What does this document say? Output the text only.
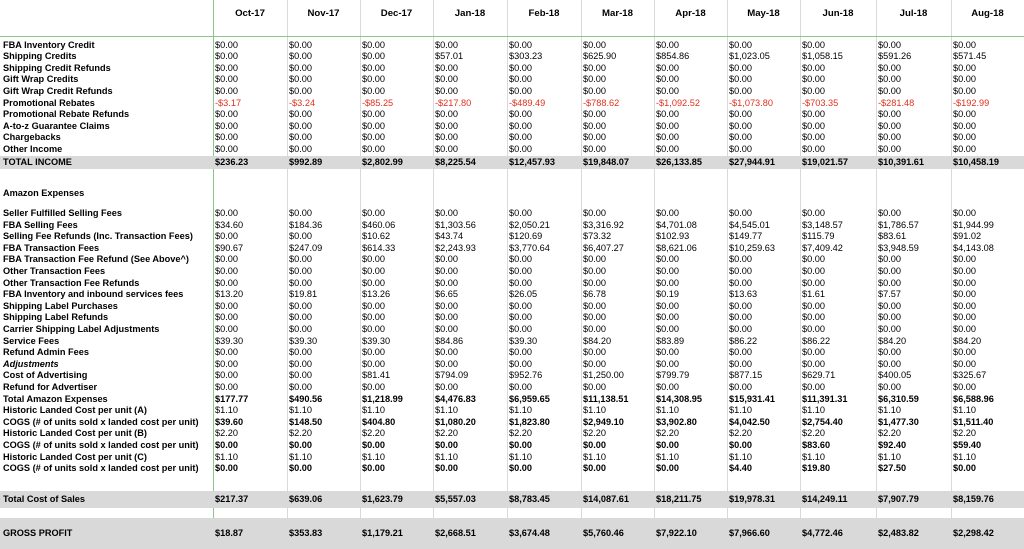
Oct-17	Nov-17	Dec-17	Jan-18	Feb-18	Mar-18	Apr-18	May-18	Jun-18	Jul-18	Aug-18
FBA Inventory Credit	$0.00	$0.00	$0.00	$0.00	$0.00	$0.00	$0.00	$0.00	$0.00	$0.00	$0.00
Shipping Credits	$0.00	$0.00	$0.00	$57.01	$303.23	$625.90	$854.86	$1,023.05	$1,058.15	$591.26	$571.45
Shipping Credit Refunds	$0.00	$0.00	$0.00	$0.00	$0.00	$0.00	$0.00	$0.00	$0.00	$0.00	$0.00
Gift Wrap Credits	$0.00	$0.00	$0.00	$0.00	$0.00	$0.00	$0.00	$0.00	$0.00	$0.00	$0.00
Gift Wrap Credit Refunds	$0.00	$0.00	$0.00	$0.00	$0.00	$0.00	$0.00	$0.00	$0.00	$0.00	$0.00
Promotional Rebates	-$3.17	-$3.24	-$85.25	-$217.80	-$489.49	-$788.62	-$1,092.52	-$1,073.80	-$703.35	-$281.48	-$192.99
Promotional Rebate Refunds	$0.00	$0.00	$0.00	$0.00	$0.00	$0.00	$0.00	$0.00	$0.00	$0.00	$0.00
A-to-z Guarantee Claims	$0.00	$0.00	$0.00	$0.00	$0.00	$0.00	$0.00	$0.00	$0.00	$0.00	$0.00
Chargebacks	$0.00	$0.00	$0.00	$0.00	$0.00	$0.00	$0.00	$0.00	$0.00	$0.00	$0.00
Other Income	$0.00	$0.00	$0.00	$0.00	$0.00	$0.00	$0.00	$0.00	$0.00	$0.00	$0.00
TOTAL INCOME	$236.23	$992.89	$2,802.99	$8,225.54	$12,457.93	$19,848.07	$26,133.85	$27,944.91	$19,021.57	$10,391.61	$10,458.19
Amazon Expenses
Seller Fulfilled Selling Fees	$0.00	$0.00	$0.00	$0.00	$0.00	$0.00	$0.00	$0.00	$0.00	$0.00	$0.00
FBA Selling Fees	$34.60	$184.36	$460.06	$1,303.56	$2,050.21	$3,316.92	$4,701.08	$4,545.01	$3,148.57	$1,786.57	$1,944.99
Selling Fee Refunds (Inc. Transaction Fees)	$0.00	$0.00	$10.62	$43.74	$120.69	$73.32	$102.93	$149.77	$115.79	$83.61	$91.02
FBA Transaction Fees	$90.67	$247.09	$614.33	$2,243.93	$3,770.64	$6,407.27	$8,621.06	$10,259.63	$7,409.42	$3,948.59	$4,143.08
FBA Transaction Fee Refund (See Above^)	$0.00	$0.00	$0.00	$0.00	$0.00	$0.00	$0.00	$0.00	$0.00	$0.00	$0.00
Other Transaction Fees	$0.00	$0.00	$0.00	$0.00	$0.00	$0.00	$0.00	$0.00	$0.00	$0.00	$0.00
Other Transaction Fee Refunds	$0.00	$0.00	$0.00	$0.00	$0.00	$0.00	$0.00	$0.00	$0.00	$0.00	$0.00
FBA Inventory and inbound services fees	$13.20	$19.81	$13.26	$6.65	$26.05	$6.78	$0.19	$13.63	$1.61	$7.57	$0.00
Shipping Label Purchases	$0.00	$0.00	$0.00	$0.00	$0.00	$0.00	$0.00	$0.00	$0.00	$0.00	$0.00
Shipping Label Refunds	$0.00	$0.00	$0.00	$0.00	$0.00	$0.00	$0.00	$0.00	$0.00	$0.00	$0.00
Carrier Shipping Label Adjustments	$0.00	$0.00	$0.00	$0.00	$0.00	$0.00	$0.00	$0.00	$0.00	$0.00	$0.00
Service Fees	$39.30	$39.30	$39.30	$84.86	$39.30	$84.20	$83.89	$86.22	$86.22	$84.20	$84.20
Refund Admin Fees	$0.00	$0.00	$0.00	$0.00	$0.00	$0.00	$0.00	$0.00	$0.00	$0.00	$0.00
Adjustments	$0.00	$0.00	$0.00	$0.00	$0.00	$0.00	$0.00	$0.00	$0.00	$0.00	$0.00
Cost of Advertising	$0.00	$0.00	$81.41	$794.09	$952.76	$1,250.00	$799.79	$877.15	$629.71	$400.05	$325.67
Refund for Advertiser	$0.00	$0.00	$0.00	$0.00	$0.00	$0.00	$0.00	$0.00	$0.00	$0.00	$0.00
Total Amazon Expenses	$177.77	$490.56	$1,218.99	$4,476.83	$6,959.65	$11,138.51	$14,308.95	$15,931.41	$11,391.31	$6,310.59	$6,588.96
Historic Landed Cost per unit (A)	$1.10	$1.10	$1.10	$1.10	$1.10	$1.10	$1.10	$1.10	$1.10	$1.10	$1.10
COGS (# of units sold x landed cost per unit)	$39.60	$148.50	$404.80	$1,080.20	$1,823.80	$2,949.10	$3,902.80	$4,042.50	$2,754.40	$1,477.30	$1,511.40
Historic Landed Cost per unit (B)	$2.20	$2.20	$2.20	$2.20	$2.20	$2.20	$2.20	$2.20	$2.20	$2.20	$2.20
COGS (# of units sold x landed cost per unit)	$0.00	$0.00	$0.00	$0.00	$0.00	$0.00	$0.00	$0.00	$83.60	$92.40	$59.40
Historic Landed Cost per unit (C)	$1.10	$1.10	$1.10	$1.10	$1.10	$1.10	$1.10	$1.10	$1.10	$1.10	$1.10
COGS (# of units sold x landed cost per unit)	$0.00	$0.00	$0.00	$0.00	$0.00	$0.00	$0.00	$4.40	$19.80	$27.50	$0.00
Total Cost of Sales	$217.37	$639.06	$1,623.79	$5,557.03	$8,783.45	$14,087.61	$18,211.75	$19,978.31	$14,249.11	$7,907.79	$8,159.76
GROSS PROFIT	$18.87	$353.83	$1,179.21	$2,668.51	$3,674.48	$5,760.46	$7,922.10	$7,966.60	$4,772.46	$2,483.82	$2,298.42
